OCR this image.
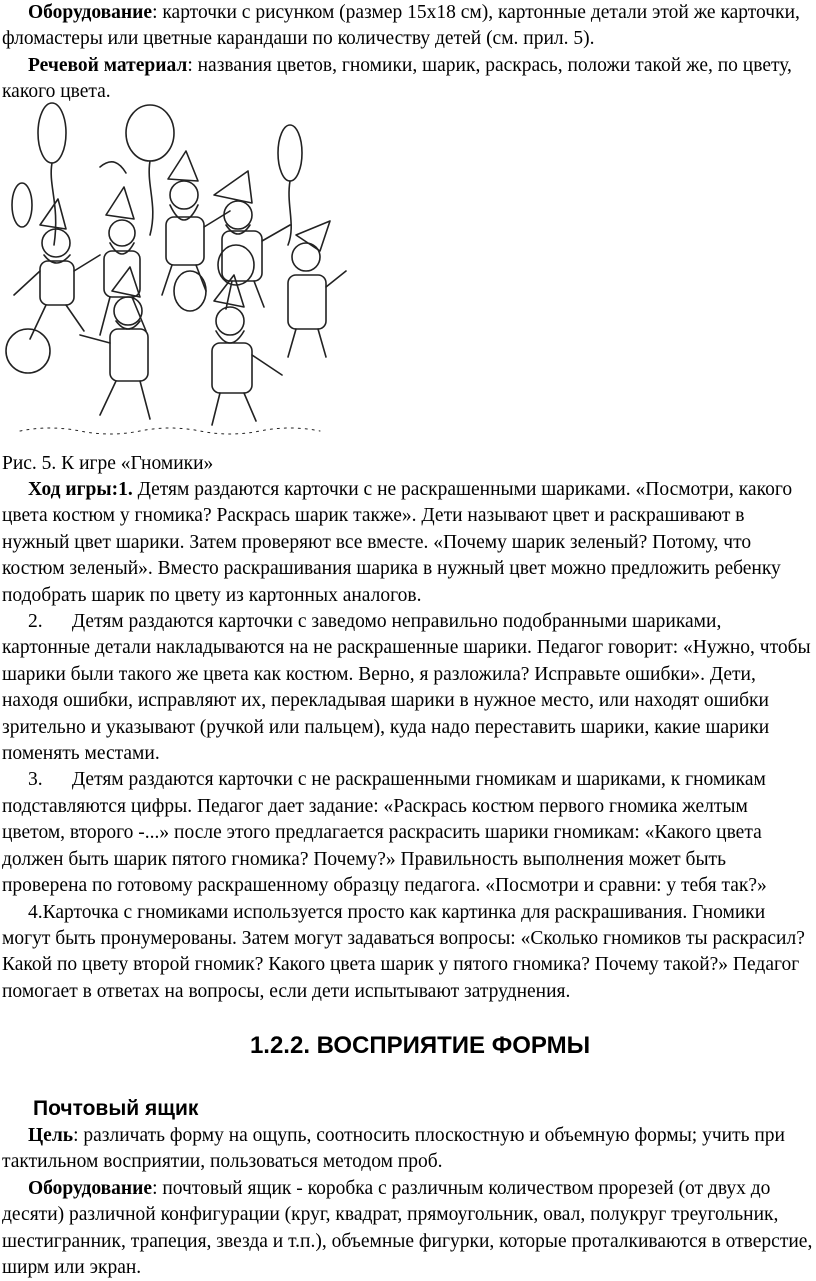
Оборудование: карточки с рисунком (размер 15х18 см), картонные детали этой же карточки, фломастеры или цветные карандаши по количеству детей (см. прил. 5).

Речевой материал: названия цветов, гномики, шарик, раскрась, положи такой же, по цвету, какого цвета.

Рис. 5. К игре «Гномики»

Ход игры:1. Детям раздаются карточки с не раскрашенными шариками. «Посмотри, какого цвета костюм у гномика? Раскрась шарик также». Дети называют цвет и раскрашивают в нужный цвет шарики. Затем проверяют все вместе. «Почему шарик зеленый? Потому, что костюм зеленый». Вместо раскрашивания шарика в нужный цвет можно предложить ребенку подобрать шарик по цвету из картонных аналогов.

2.  Детям раздаются карточки с заведомо неправильно подобранными шариками, картонные детали накладываются на не раскрашенные шарики. Педагог говорит: «Нужно, чтобы шарики были такого же цвета как костюм. Верно, я разложила? Исправьте ошибки». Дети, находя ошибки, исправляют их, перекладывая шарики в нужное место, или находят ошибки зрительно и указывают (ручкой или пальцем), куда надо переставить шарики, какие шарики поменять местами.

3.  Детям раздаются карточки с не раскрашенными гномикам и шариками, к гномикам подставляются цифры. Педагог дает задание: «Раскрась костюм первого гномика желтым цветом, второго -...» после этого предлагается раскрасить шарики гномикам: «Какого цвета должен быть шарик пятого гномика? Почему?» Правильность выполнения может быть проверена по готовому раскрашенному образцу педагога. «Посмотри и сравни: у тебя так?»

4.Карточка с гномиками используется просто как картинка для раскрашивания. Гномики могут быть пронумерованы. Затем могут задаваться вопросы: «Сколько гномиков ты раскрасил? Какой по цвету второй гномик? Какого цвета шарик у пятого гномика? Почему такой?» Педагог помогает в ответах на вопросы, если дети испытывают затруднения.

1.2.2. ВОСПРИЯТИЕ ФОРМЫ
Почтовый ящик

Цель: различать форму на ощупь, соотносить плоскостную и объемную формы; учить при тактильном восприятии, пользоваться методом проб.

Оборудование: почтовый ящик - коробка с различным количеством прорезей (от двух до десяти) различной конфигурации (круг, квадрат, прямоугольник, овал, полукруг треугольник, шестигранник, трапеция, звезда и т.п.), объемные фигурки, которые проталкиваются в отверстие, ширм или экран.
